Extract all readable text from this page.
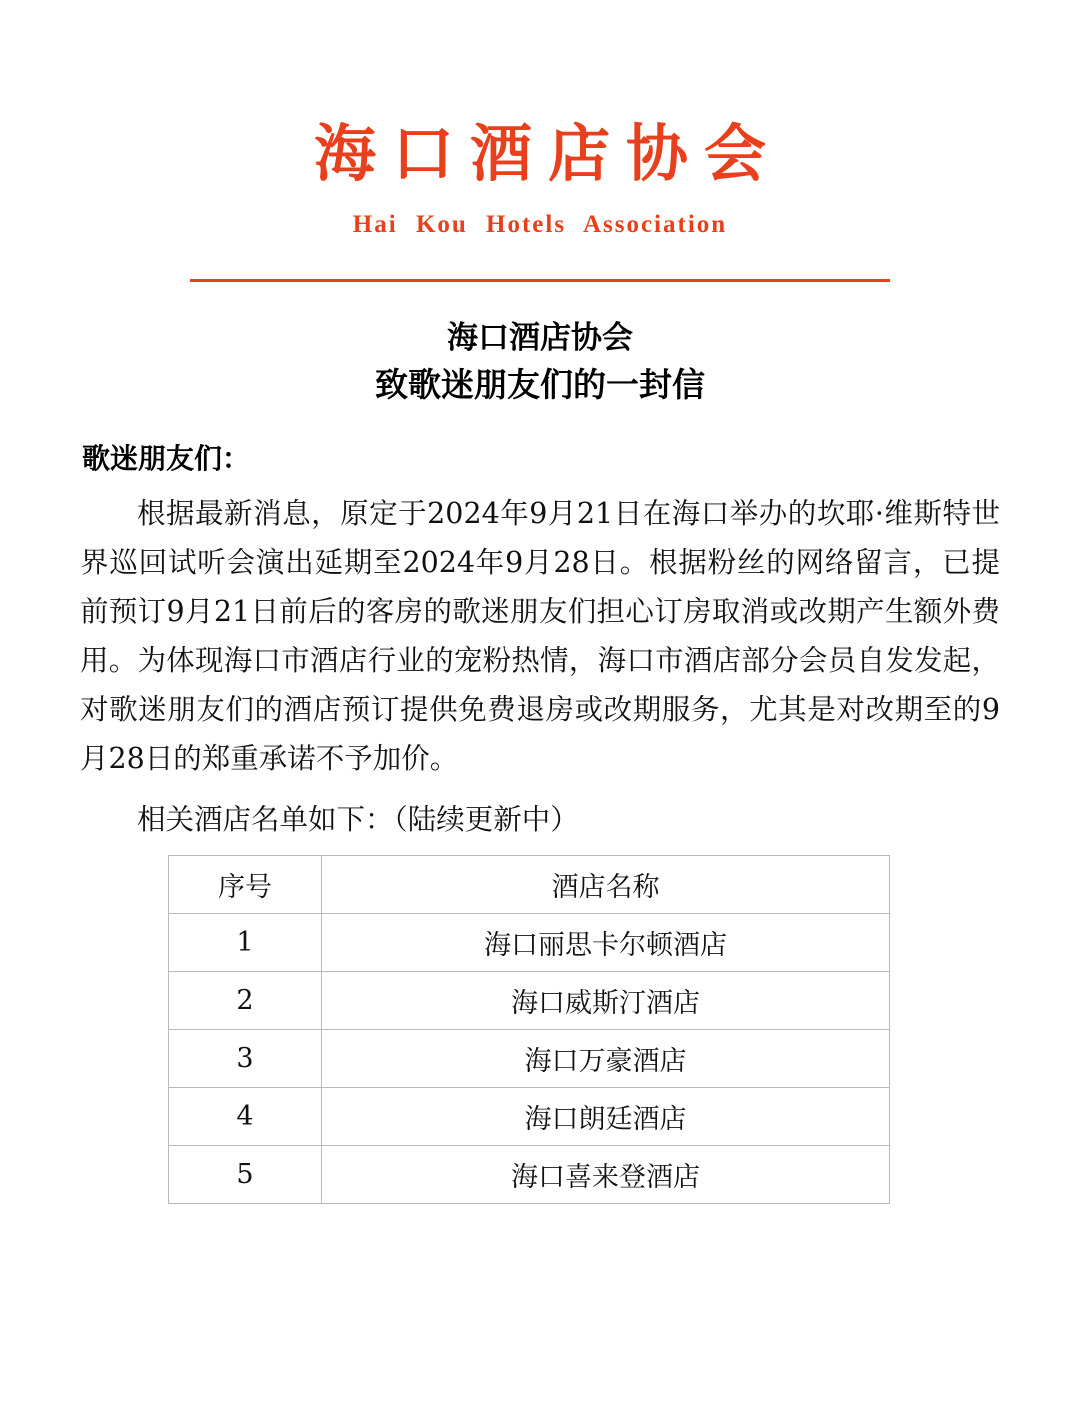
海口酒店协会
Hai Kou Hotels Association
海口酒店协会
致歌迷朋友们的一封信
歌迷朋友们：
根据最新消息，原定于2024年9月21日在海口举办的坎耶·维斯特世界巡回试听会演出延期至2024年9月28日。根据粉丝的网络留言，已提前预订9月21日前后的客房的歌迷朋友们担心订房取消或改期产生额外费用。为体现海口市酒店行业的宠粉热情，海口市酒店部分会员自发发起，对歌迷朋友们的酒店预订提供免费退房或改期服务，尤其是对改期至的9月28日的郑重承诺不予加价。
相关酒店名单如下：（陆续更新中）
序号	酒店名称
1	海口丽思卡尔顿酒店
2	海口威斯汀酒店
3	海口万豪酒店
4	海口朗廷酒店
5	海口喜来登酒店
